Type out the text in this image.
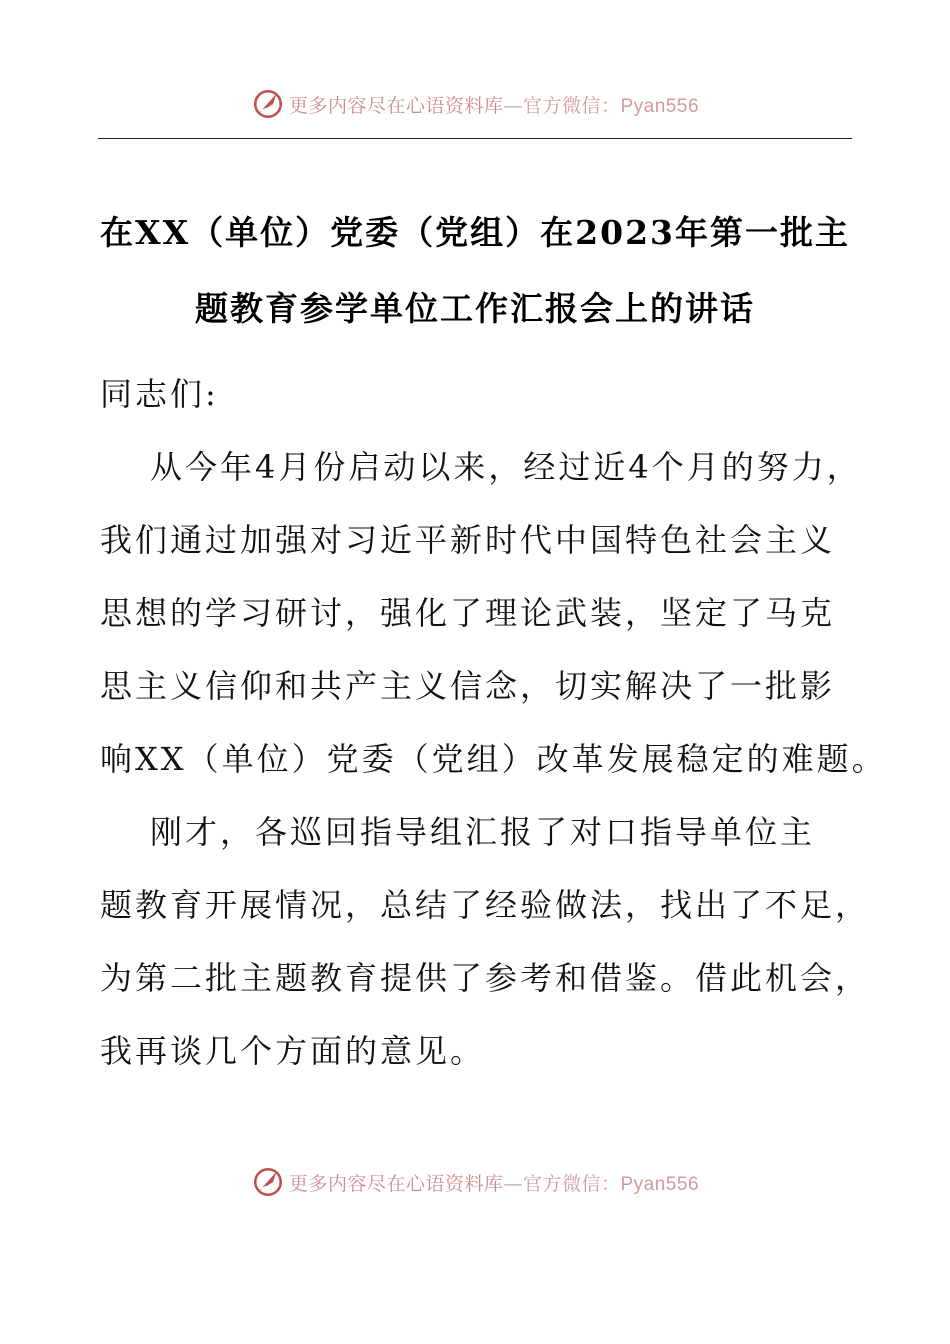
更多内容尽在心语资料库—官方微信：Pyan556
在XX（单位）党委（党组）在2023年第一批主
题教育参学单位工作汇报会上的讲话
同志们:
从今年4月份启动以来，经过近4个月的努力，
我们通过加强对习近平新时代中国特色社会主义
思想的学习研讨，强化了理论武装，坚定了马克
思主义信仰和共产主义信念，切实解决了一批影
响XX（单位）党委（党组）改革发展稳定的难题。
刚才，各巡回指导组汇报了对口指导单位主
题教育开展情况，总结了经验做法，找出了不足，
为第二批主题教育提供了参考和借鉴。借此机会，
我再谈几个方面的意见。
更多内容尽在心语资料库—官方微信：Pyan556
